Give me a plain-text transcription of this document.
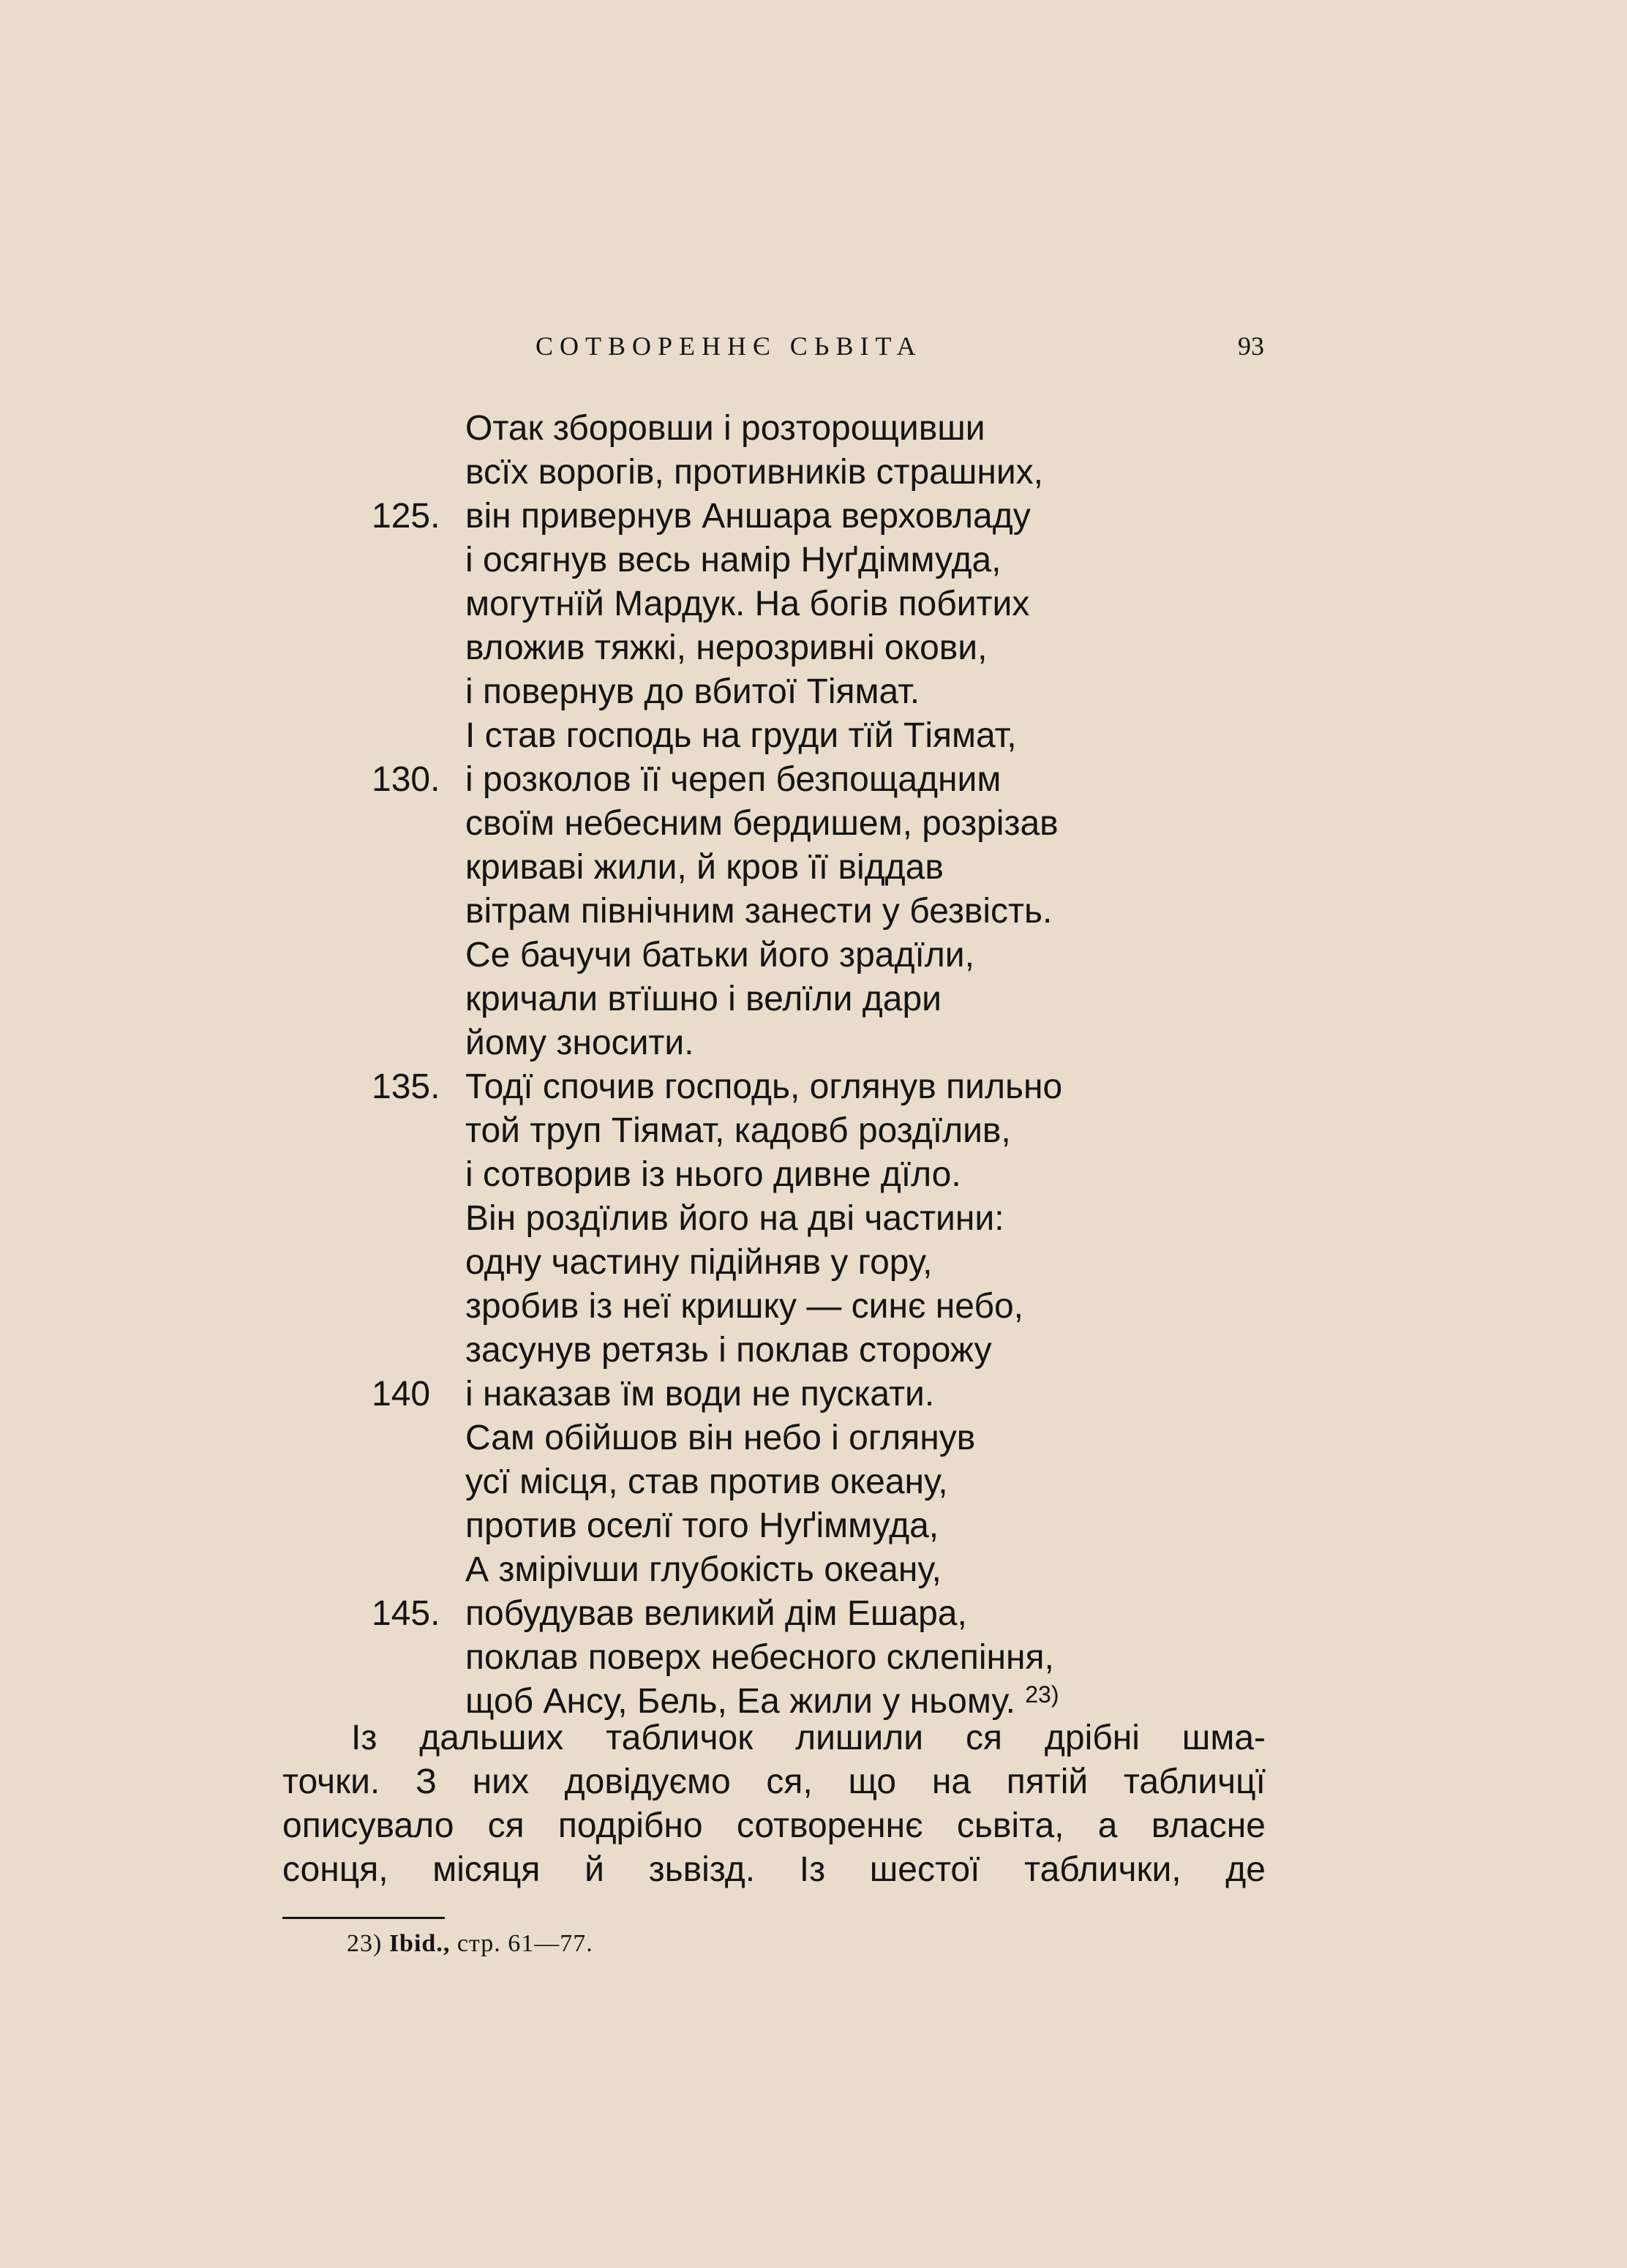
СОТВОРЕННЄ СЬВІТА	93
Отак зборовши і розторощивши
всїх ворогів, противників страшних,
125. він привернув Аншара верховладу
і осягнув весь намір Нуґдіммуда,
могутнїй Мардук. На богів побитих
вложив тяжкі, нерозривні окови,
і повернув до вбитої Тіямат.
І став господь на груди тїй Тіямат,
130. і розколов її череп безпощадним
своїм небесним бердишем, розрізав
криваві жили, й кров її віддав
вітрам північним занести у безвість.
Се бачучи батьки його зрадїли,
кричали втїшно і велїли дари
йому зносити.
135. Тодї спочив господь, оглянув пильно
той труп Тіямат, кадовб роздїлив,
і сотворив із нього дивне дїло.
Він роздїлив його на дві частини:
одну частину підійняв у гору,
зробив із неї кришку — синє небо,
засунув ретязь і поклав сторожу
140 і наказав їм води не пускати.
Сам обійшов він небо і оглянув
усї місця, став против океану,
против оселї того Нуґіммуда,
А змірivши глубокість океану,
145. побудував великий дім Ешара,
поклав поверх небесного склепіння,
щоб Ансу, Бель, Еа жили у ньому. $^{23)}$
Із дальших табличок лишили ся дрібні шма-
точки. З них довідуємо ся, що на пятій табличцї
описувало ся подрібно сотвореннє сьвіта, а власне
сонця, місяця й зьвізд. Із шестої таблички, де
23) Ibid., стр. 61—77.
